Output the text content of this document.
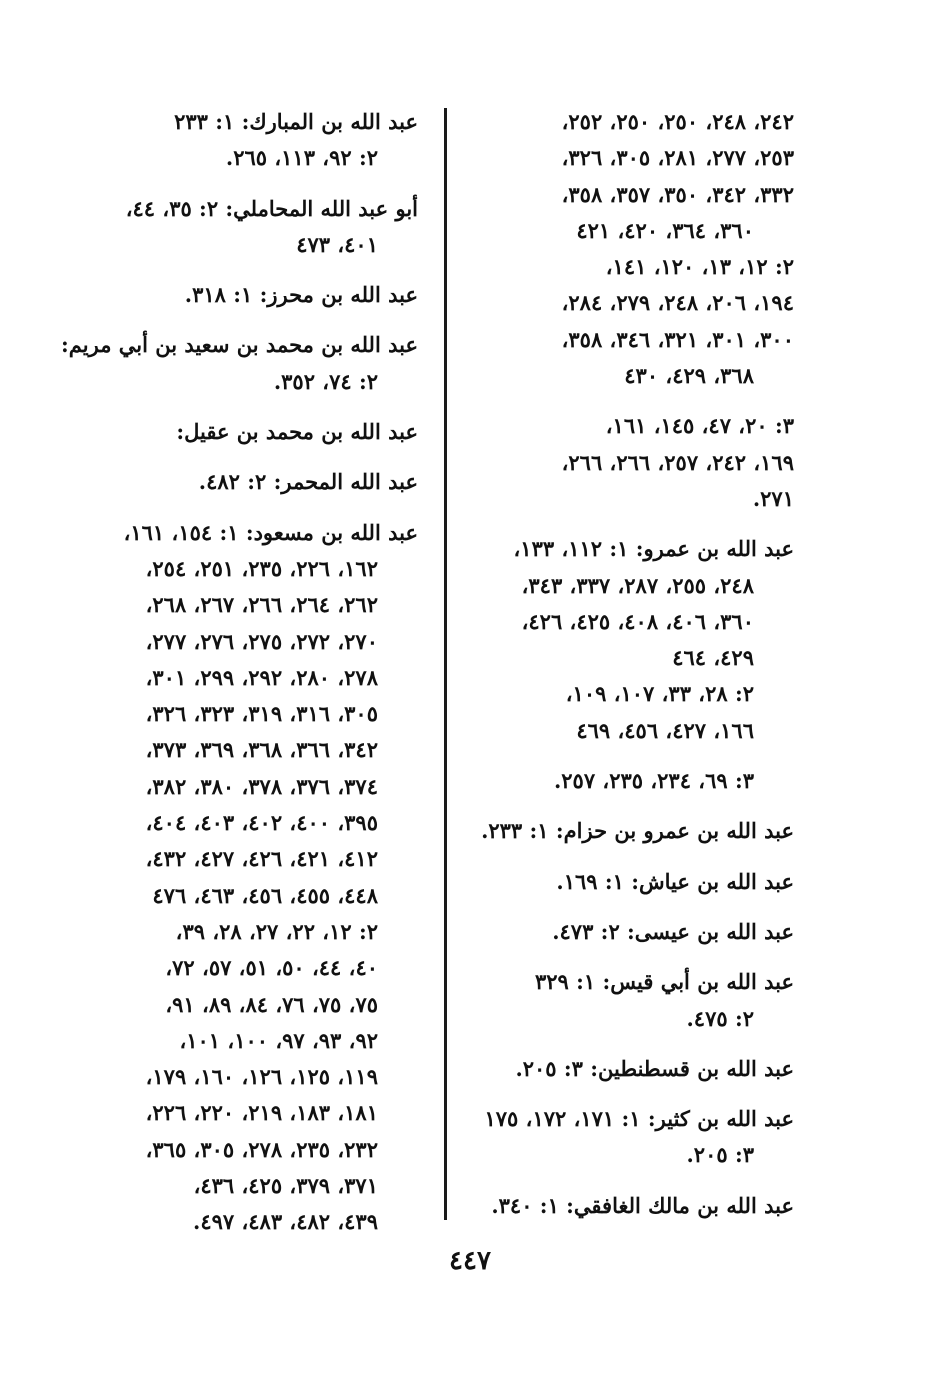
٢٤٢، ٢٤٨، ٢٥٠، ٢٥٠، ٢٥٢،
٢٥٣، ٢٧٧، ٢٨١، ٣٠٥، ٣٢٦،
٣٣٢، ٣٤٢، ٣٥٠، ٣٥٧، ٣٥٨،
٣٦٠، ٣٦٤، ٤٢٠، ٤٢١
٢: ١٢، ١٣، ١٢٠، ١٤١،
١٩٤، ٢٠٦، ٢٤٨، ٢٧٩، ٢٨٤،
٣٠٠، ٣٠١، ٣٢١، ٣٤٦، ٣٥٨،
٣٦٨، ٤٢٩، ٤٣٠
٣: ٢٠، ٤٧، ١٤٥، ١٦١،
١٦٩، ٢٤٢، ٢٥٧، ٢٦٦، ٢٦٦،
٢٧١.
عبد الله بن عمرو: ١: ١١٢، ١٣٣،
٢٤٨، ٢٥٥، ٢٨٧، ٣٣٧، ٣٤٣،
٣٦٠، ٤٠٦، ٤٠٨، ٤٢٥، ٤٢٦،
٤٢٩، ٤٦٤
٢: ٢٨، ٣٣، ١٠٧، ١٠٩،
١٦٦، ٤٢٧، ٤٥٦، ٤٦٩
٣: ٦٩، ٢٣٤، ٢٣٥، ٢٥٧.
عبد الله بن عمرو بن حزام: ١: ٢٣٣.
عبد الله بن عياش: ١: ١٦٩.
عبد الله بن عيسى: ٢: ٤٧٣.
عبد الله بن أبي قيس: ١: ٣٢٩
٢: ٤٧٥.
عبد الله بن قسطنطين: ٣: ٢٠٥.
عبد الله بن كثير: ١: ١٧١، ١٧٢، ١٧٥
٣: ٢٠٥.
عبد الله بن مالك الغافقي: ١: ٣٤٠.
عبد الله بن المبارك: ١: ٢٣٣
٢: ٩٢، ١١٣، ٢٦٥.
أبو عبد الله المحاملي: ٢: ٣٥، ٤٤،
٤٠١، ٤٧٣
عبد الله بن محرز: ١: ٣١٨.
عبد الله بن محمد بن سعيد بن أبي مريم:
٢: ٧٤، ٣٥٢.
عبد الله بن محمد بن عقيل:
عبد الله المحمر: ٢: ٤٨٢.
عبد الله بن مسعود: ١: ١٥٤، ١٦١،
١٦٢، ٢٢٦، ٢٣٥، ٢٥١، ٢٥٤،
٢٦٢، ٢٦٤، ٢٦٦، ٢٦٧، ٢٦٨،
٢٧٠، ٢٧٢، ٢٧٥، ٢٧٦، ٢٧٧،
٢٧٨، ٢٨٠، ٢٩٢، ٢٩٩، ٣٠١،
٣٠٥، ٣١٦، ٣١٩، ٣٢٣، ٣٢٦،
٣٤٢، ٣٦٦، ٣٦٨، ٣٦٩، ٣٧٣،
٣٧٤، ٣٧٦، ٣٧٨، ٣٨٠، ٣٨٢،
٣٩٥، ٤٠٠، ٤٠٢، ٤٠٣، ٤٠٤،
٤١٢، ٤٢١، ٤٢٦، ٤٢٧، ٤٣٢،
٤٤٨، ٤٥٥، ٤٥٦، ٤٦٣، ٤٧٦
٢: ١٢، ٢٢، ٢٧، ٢٨، ٣٩،
٤٠، ٤٤، ٥٠، ٥١، ٥٧، ٧٢،
٧٥، ٧٥، ٧٦، ٨٤، ٨٩، ٩١،
٩٢، ٩٣، ٩٧، ١٠٠، ١٠١،
١١٩، ١٢٥، ١٢٦، ١٦٠، ١٧٩،
١٨١، ١٨٣، ٢١٩، ٢٢٠، ٢٢٦،
٢٣٢، ٢٣٥، ٢٧٨، ٣٠٥، ٣٦٥،
٣٧١، ٣٧٩، ٤٢٥، ٤٣٦،
٤٣٩، ٤٨٢، ٤٨٣، ٤٩٧.
٤٤٧
